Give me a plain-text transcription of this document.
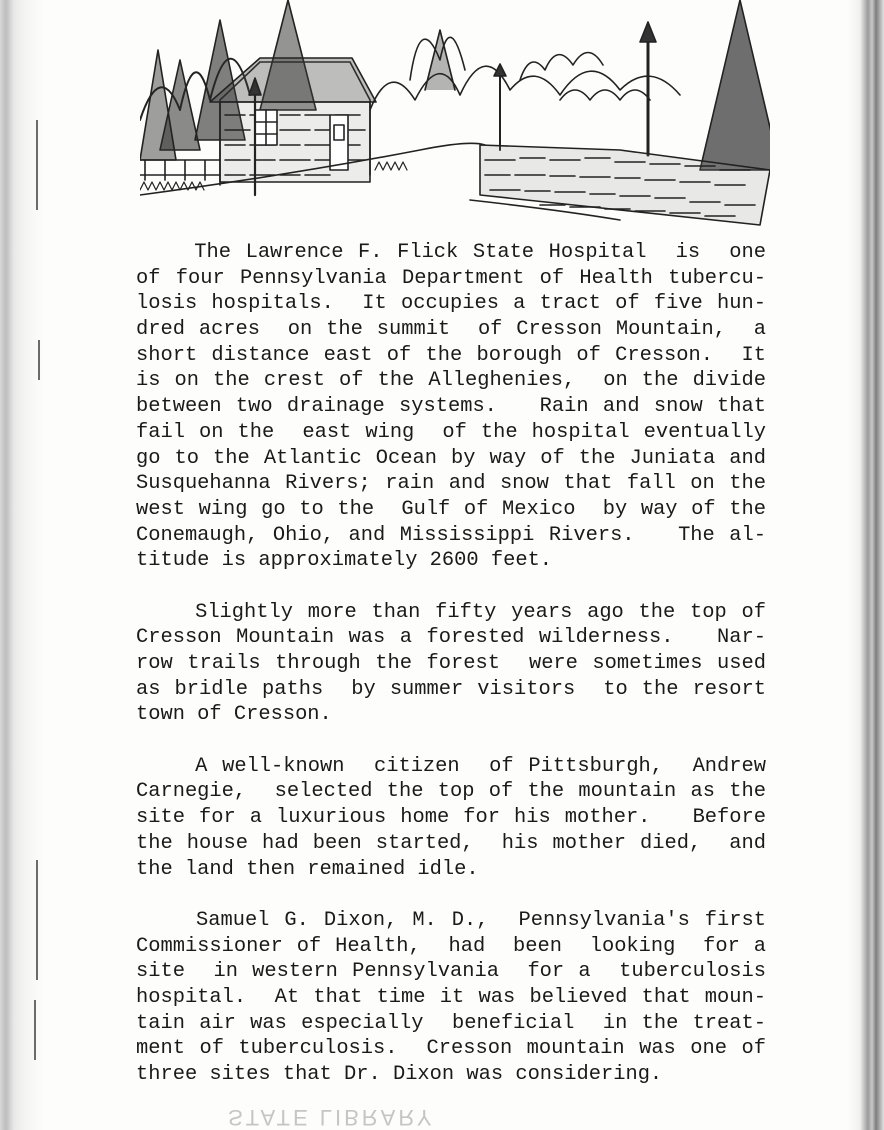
The Lawrence F. Flick State Hospital  is  one
of four Pennsylvania Department of Health tubercu-
losis hospitals.  It occupies a tract of five hun-
dred acres  on the summit  of Cresson Mountain,  a
short distance east of the borough of Cresson.  It
is on the crest of the Alleghenies,  on the divide
between two drainage systems.   Rain and snow that
fail on the  east wing  of the hospital eventually
go to the Atlantic Ocean by way of the Juniata and
Susquehanna Rivers; rain and snow that fall on the
west wing go to the  Gulf of Mexico  by way of the
Conemaugh, Ohio, and Mississippi Rivers.   The al-
titude is approximately 2600 feet.
Slightly more than fifty years ago the top of
Cresson Mountain was a forested wilderness.   Nar-
row trails through the forest  were sometimes used
as bridle paths  by summer visitors  to the resort
town of Cresson.
A well-known  citizen  of Pittsburgh,  Andrew
Carnegie,  selected the top of the mountain as the
site for a luxurious home for his mother.   Before
the house had been started,  his mother died,  and
the land then remained idle.
Samuel G. Dixon, M. D.,  Pennsylvania's first
Commissioner of Health,  had  been  looking  for a
site  in western Pennsylvania  for a  tuberculosis
hospital.  At that time it was believed that moun-
tain air was especially  beneficial  in the treat-
ment of tuberculosis.  Cresson mountain was one of
three sites that Dr. Dixon was considering.
STATE LIBRARY
